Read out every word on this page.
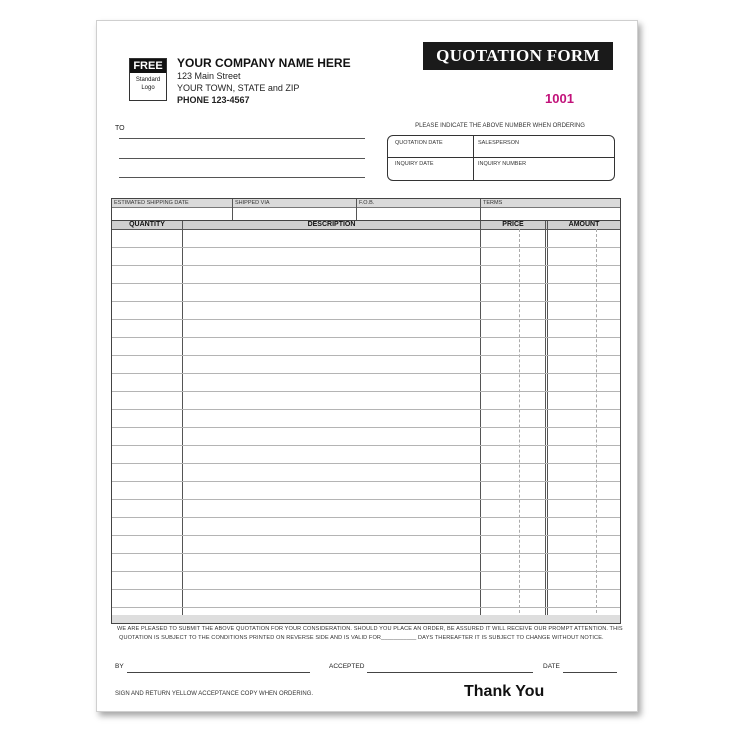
FREE
Standard
Logo
YOUR COMPANY NAME HERE
123 Main Street
YOUR TOWN, STATE and ZIP
PHONE 123-4567
QUOTATION FORM
1001
PLEASE INDICATE THE ABOVE NUMBER WHEN ORDERING
QUOTATION DATE	SALESPERSON
INQUIRY DATE	INQUIRY NUMBER
TO
ESTIMATED SHIPPING DATE	SHIPPED VIA	F.O.B.	TERMS
QUANTITY	DESCRIPTION	PRICE	AMOUNT
WE ARE PLEASED TO SUBMIT THE ABOVE QUOTATION FOR YOUR CONSIDERATION. SHOULD YOU PLACE AN ORDER, BE ASSURED IT WILL RECEIVE OUR PROMPT ATTENTION. THIS
QUOTATION IS SUBJECT TO THE CONDITIONS PRINTED ON REVERSE SIDE AND IS VALID FOR___________ DAYS THEREAFTER IT IS SUBJECT TO CHANGE WITHOUT NOTICE.
BY	ACCEPTED	DATE
SIGN AND RETURN YELLOW ACCEPTANCE COPY WHEN ORDERING.	Thank You
